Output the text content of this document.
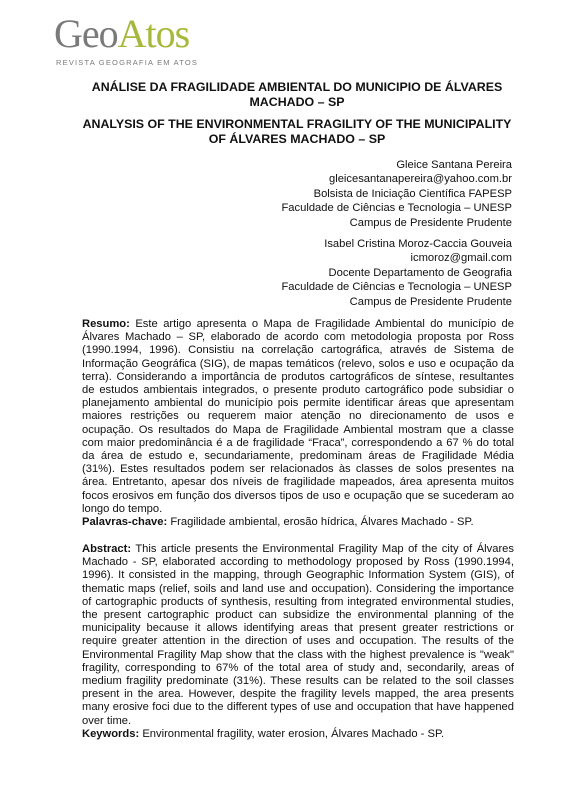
GeoAtos
REVISTA GEOGRAFIA EM ATOS
ANÁLISE DA FRAGILIDADE AMBIENTAL DO MUNICIPIO DE ÁLVARES MACHADO – SP
ANALYSIS OF THE ENVIRONMENTAL FRAGILITY OF THE MUNICIPALITY OF ÁLVARES MACHADO – SP
Gleice Santana Pereira
gleicesantanapereira@yahoo.com.br
Bolsista de Iniciação Científica FAPESP
Faculdade de Ciências e Tecnologia – UNESP
Campus de Presidente Prudente
Isabel Cristina Moroz-Caccia Gouveia
icmoroz@gmail.com
Docente Departamento de Geografia
Faculdade de Ciências e Tecnologia – UNESP
Campus de Presidente Prudente

Resumo: Este artigo apresenta o Mapa de Fragilidade Ambiental do município de Álvares Machado – SP, elaborado de acordo com metodologia proposta por Ross (1990.1994, 1996). Consistiu na correlação cartográfica, através de Sistema de Informação Geográfica (SIG), de mapas temáticos (relevo, solos e uso e ocupação da terra). Considerando a importância de produtos cartográficos de síntese, resultantes de estudos ambientais integrados, o presente produto cartográfico pode subsidiar o planejamento ambiental do município pois permite identificar áreas que apresentam maiores restrições ou requerem maior atenção no direcionamento de usos e ocupação. Os resultados do Mapa de Fragilidade Ambiental mostram que a classe com maior predominância é a de fragilidade “Fraca”, correspondendo a 67 % do total da área de estudo e, secundariamente, predominam áreas de Fragilidade Média (31%). Estes resultados podem ser relacionados às classes de solos presentes na área. Entretanto, apesar dos níveis de fragilidade mapeados, área apresenta muitos focos erosivos em função dos diversos tipos de uso e ocupação que se sucederam ao longo do tempo.

Palavras-chave: Fragilidade ambiental, erosão hídrica, Álvares Machado - SP.

Abstract: This article presents the Environmental Fragility Map of the city of Álvares Machado - SP, elaborated according to methodology proposed by Ross (1990.1994, 1996). It consisted in the mapping, through Geographic Information System (GIS), of thematic maps (relief, soils and land use and occupation). Considering the importance of cartographic products of synthesis, resulting from integrated environmental studies, the present cartographic product can subsidize the environmental planning of the municipality because it allows identifying areas that present greater restrictions or require greater attention in the direction of uses and occupation. The results of the Environmental Fragility Map show that the class with the highest prevalence is "weak" fragility, corresponding to 67% of the total area of study and, secondarily, areas of medium fragility predominate (31%). These results can be related to the soil classes present in the area. However, despite the fragility levels mapped, the area presents many erosive foci due to the different types of use and occupation that have happened over time.

Keywords: Environmental fragility, water erosion, Álvares Machado - SP.
